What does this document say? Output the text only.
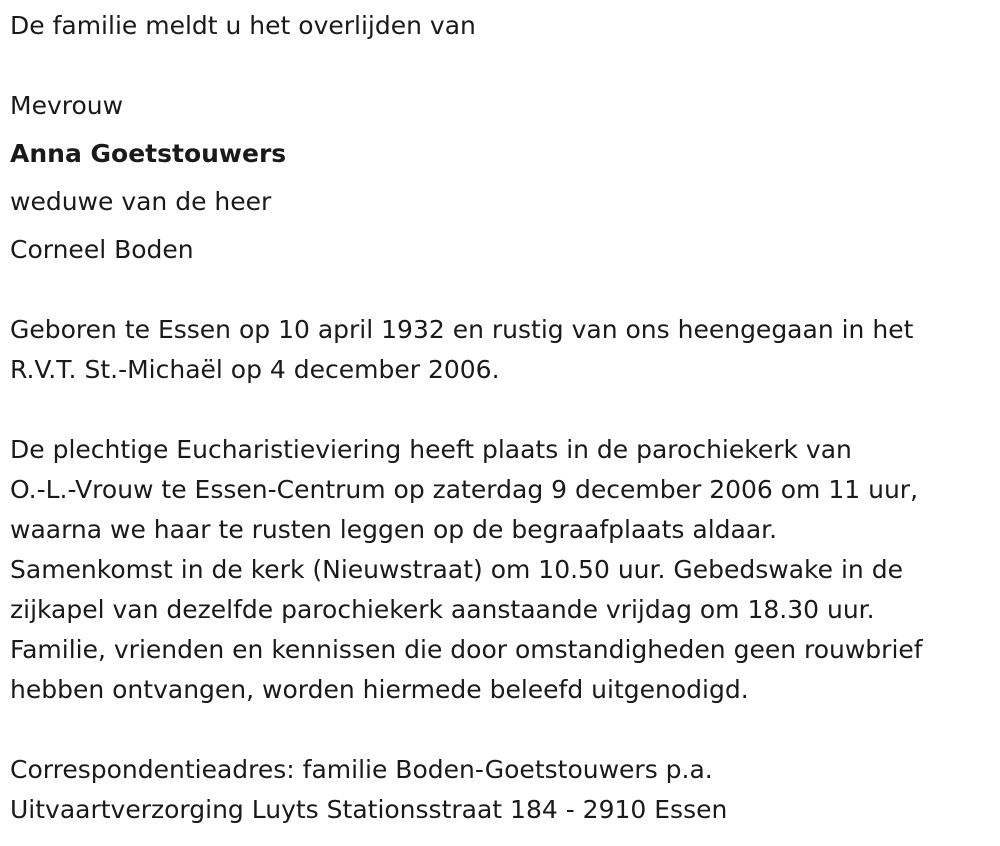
De familie meldt u het overlijden van
Mevrouw
Anna Goetstouwers
weduwe van de heer
Corneel Boden
Geboren te Essen op 10 april 1932 en rustig van ons heengegaan in het
R.V.T. St.-Michaël op 4 december 2006.
De plechtige Eucharistieviering heeft plaats in de parochiekerk van
O.-L.-Vrouw te Essen-Centrum op zaterdag 9 december 2006 om 11 uur,
waarna we haar te rusten leggen op de begraafplaats aldaar.
Samenkomst in de kerk (Nieuwstraat) om 10.50 uur. Gebedswake in de
zijkapel van dezelfde parochiekerk aanstaande vrijdag om 18.30 uur.
Familie, vrienden en kennissen die door omstandigheden geen rouwbrief
hebben ontvangen, worden hiermede beleefd uitgenodigd.
Correspondentieadres: familie Boden-Goetstouwers p.a.
Uitvaartverzorging Luyts Stationsstraat 184 - 2910 Essen
